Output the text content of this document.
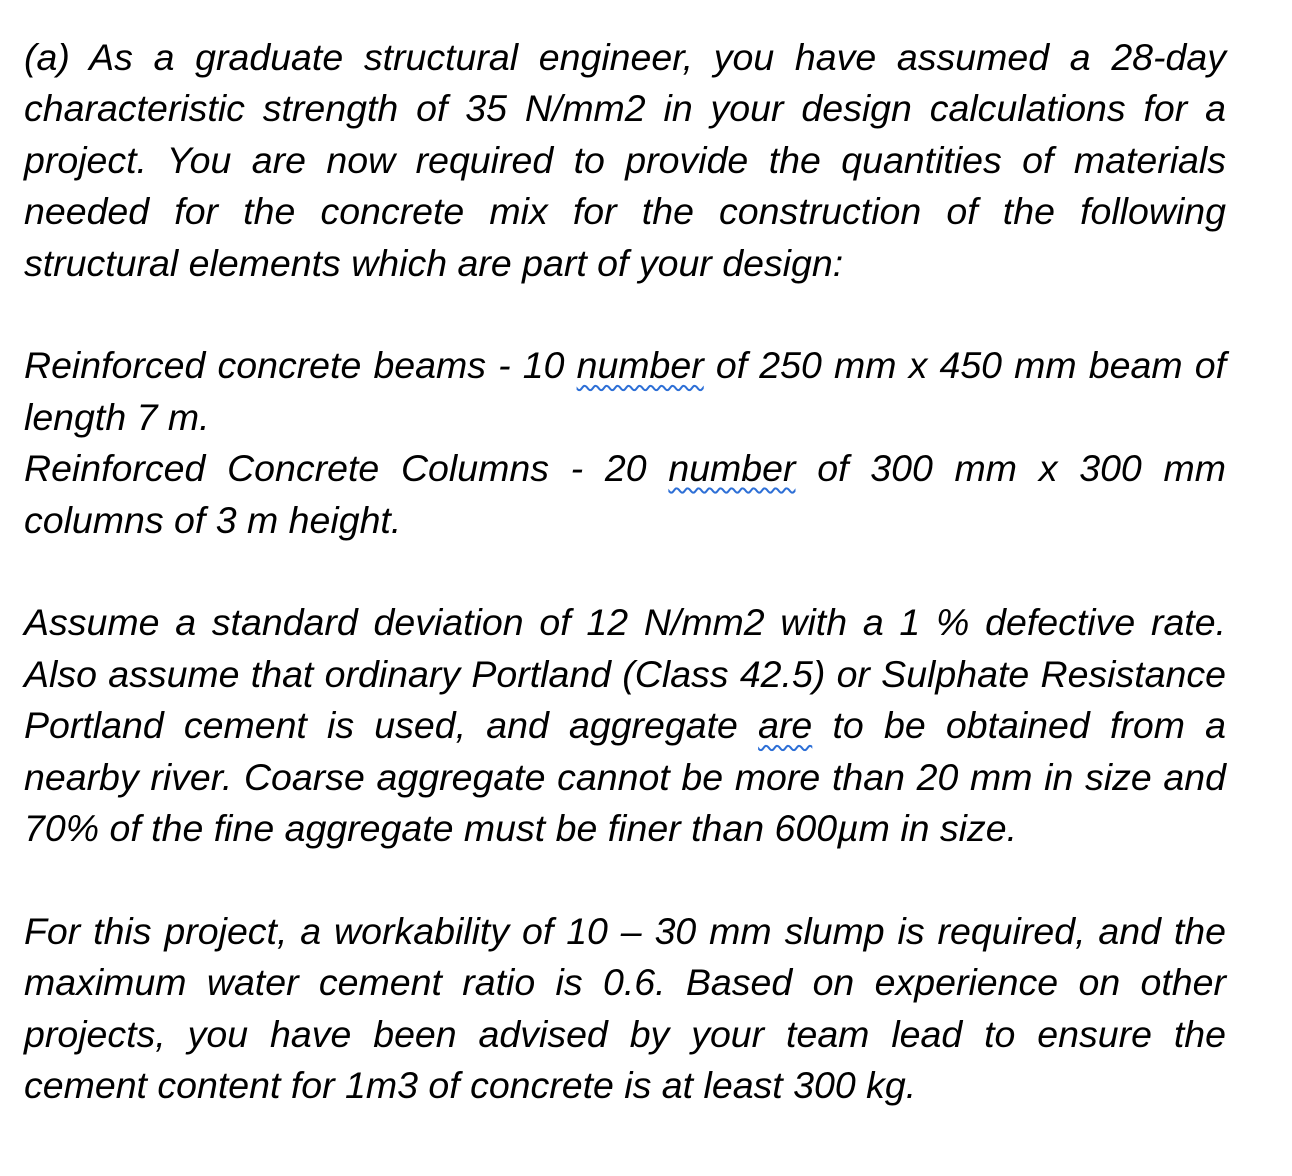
(a) As a graduate structural engineer, you have assumed a 28-day characteristic strength of 35 N/mm2 in your design calculations for a project. You are now required to provide the quantities of materials needed for the concrete mix for the construction of the following structural elements which are part of your design:

Reinforced concrete beams - 10 number of 250 mm x 450 mm beam of length 7 m.

Reinforced Concrete Columns - 20 number of 300 mm x 300 mm columns of 3 m height.

Assume a standard deviation of 12 N/mm2 with a 1 % defective rate. Also assume that ordinary Portland (Class 42.5) or Sulphate Resistance Portland cement is used, and aggregate are to be obtained from a nearby river. Coarse aggregate cannot be more than 20 mm in size and 70% of the fine aggregate must be finer than 600µm in size.

For this project, a workability of 10 – 30 mm slump is required, and the maximum water cement ratio is 0.6. Based on experience on other projects, you have been advised by your team lead to ensure the cement content for 1m3 of concrete is at least 300 kg.
